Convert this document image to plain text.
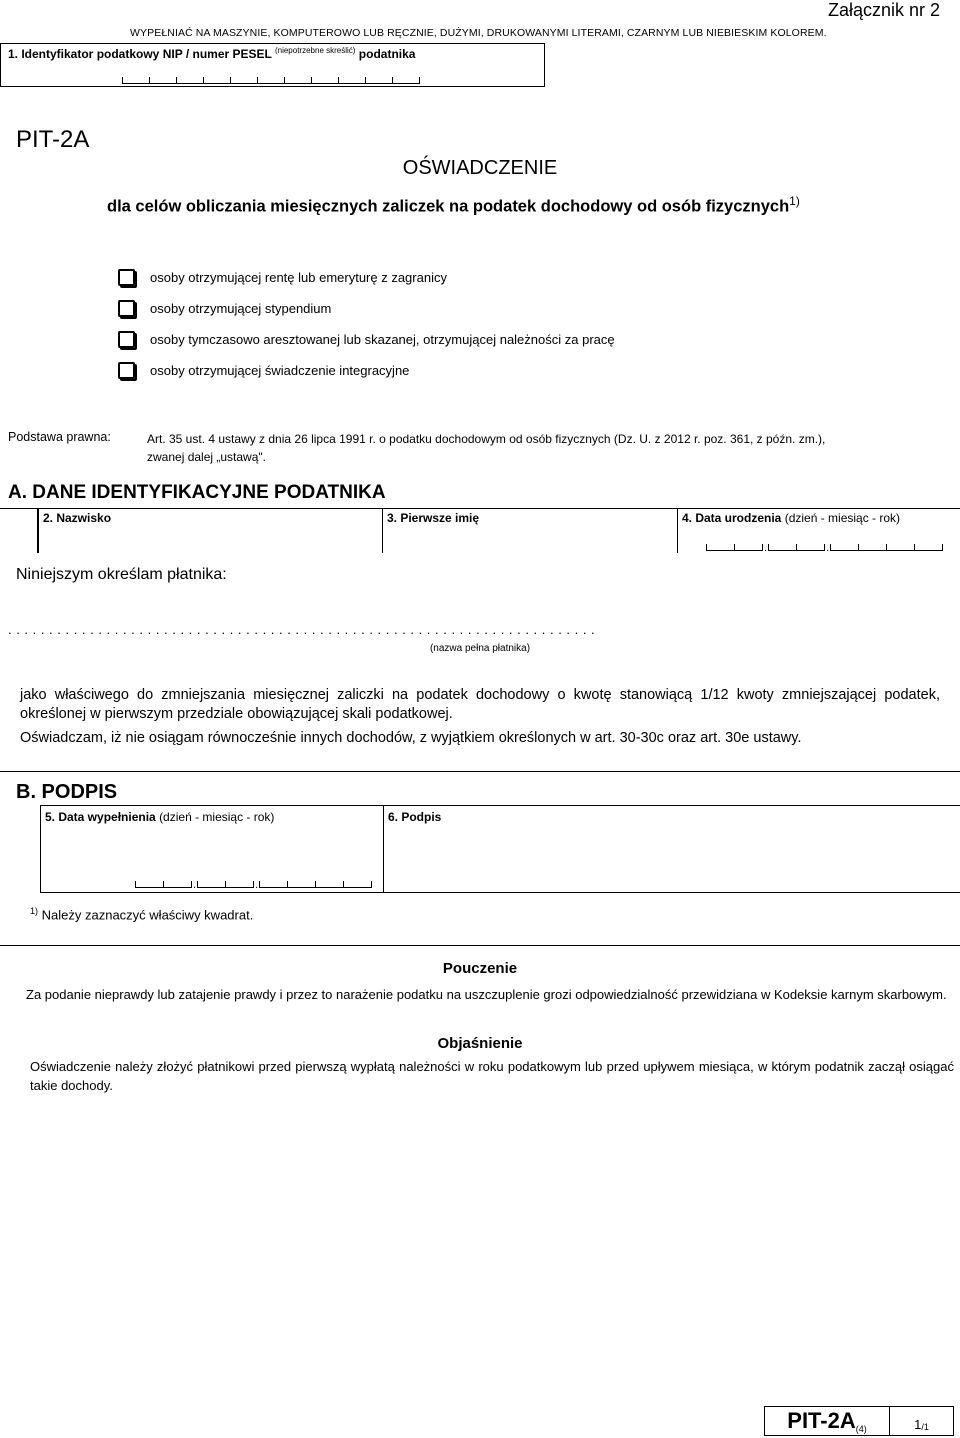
Załącznik nr 2
WYPEŁNIAĆ NA MASZYNIE, KOMPUTEROWO LUB RĘCZNIE, DUŻYMI, DRUKOWANYMI LITERAMI, CZARNYM LUB NIEBIESKIM KOLOREM.
1. Identyfikator podatkowy NIP / numer PESEL $^{(niepotrzebne skreślić)}$ podatnika
PIT-2A
OŚWIADCZENIE
dla celów obliczania miesięcznych zaliczek na podatek dochodowy od osób fizycznych$^{1)}$
osoby otrzymującej rentę lub emeryturę z zagranicy
osoby otrzymującej stypendium
osoby tymczasowo aresztowanej lub skazanej, otrzymującej należności za pracę
osoby otrzymującej świadczenie integracyjne
Podstawa prawna:	Art. 35 ust. 4 ustawy z dnia 26 lipca 1991 r. o podatku dochodowym od osób fizycznych (Dz. U. z 2012 r. poz. 361, z późn. zm.),
zwanej dalej „ustawą".
A. DANE IDENTYFIKACYJNE PODATNIKA
2. Nazwisko	3. Pierwsze imię	4. Data urodzenia (dzień - miesiąc - rok)
.	.
Niniejszym określam płatnika:
........................................................................
(nazwa pełna płatnika)
jako właściwego do zmniejszania miesięcznej zaliczki na podatek dochodowy o kwotę stanowiącą 1/12 kwoty zmniejszającej podatek, określonej w pierwszym przedziale obowiązującej skali podatkowej.
Oświadczam, iż nie osiągam równocześnie innych dochodów, z wyjątkiem określonych w art. 30-30c oraz art. 30e ustawy.
B. PODPIS
5. Data wypełnienia (dzień - miesiąc - rok)	6. Podpis
.	.
$^{1)}$ Należy zaznaczyć właściwy kwadrat.
Pouczenie
Za podanie nieprawdy lub zatajenie prawdy i przez to narażenie podatku na uszczuplenie grozi odpowiedzialność przewidziana w Kodeksie karnym skarbowym.
Objaśnienie
Oświadczenie należy złożyć płatnikowi przed pierwszą wypłatą należności w roku podatkowym lub przed upływem miesiąca, w którym podatnik zaczął osiągać takie dochody.
PIT-2A (4)	1 /1
